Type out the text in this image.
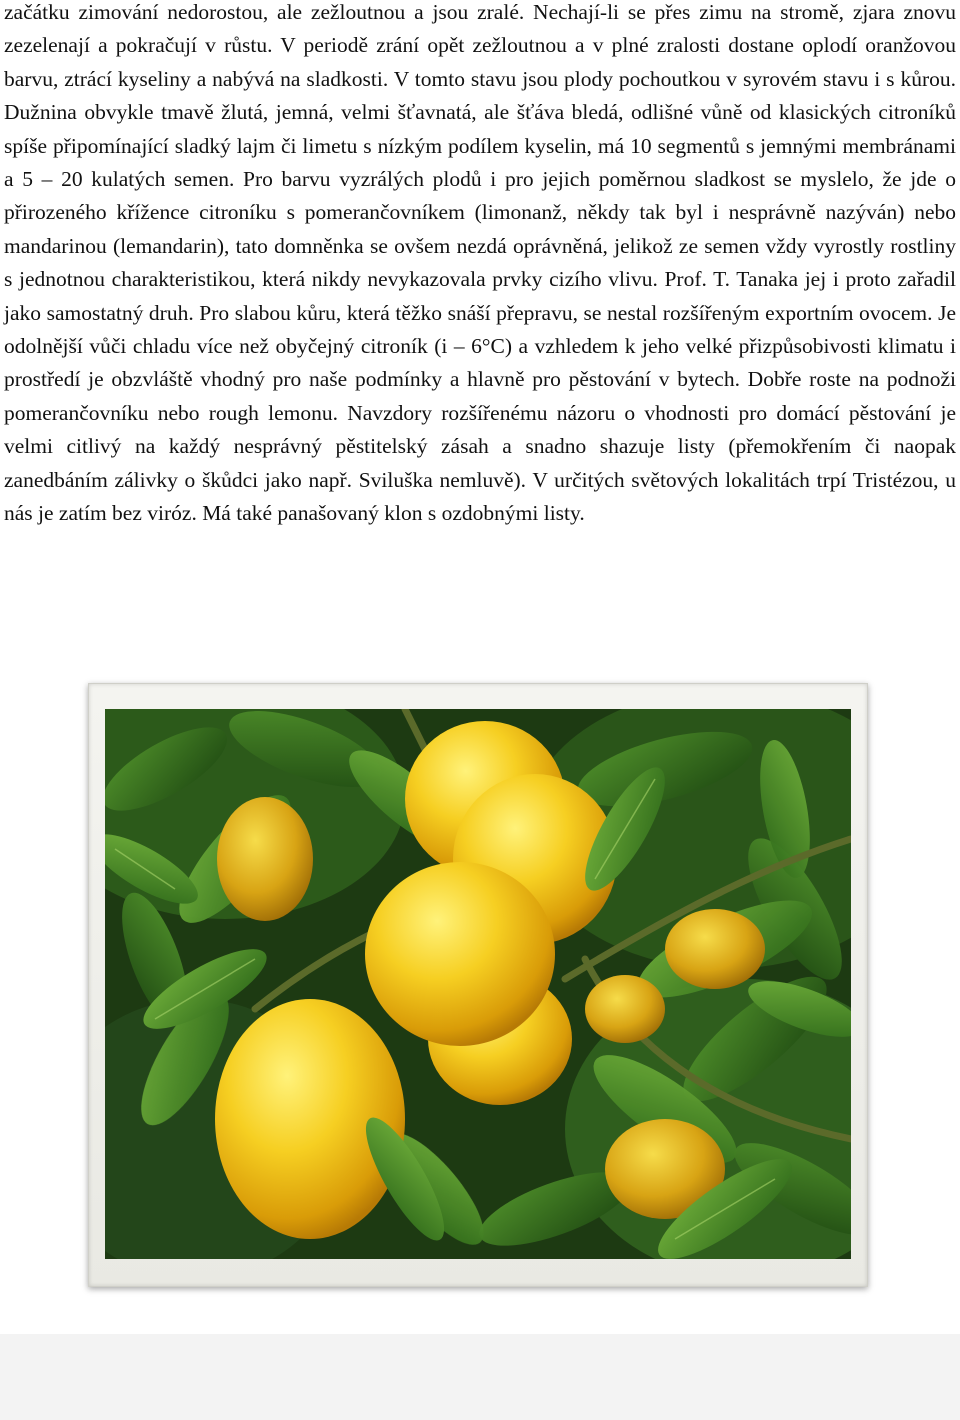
začátku zimování nedorostou, ale zežloutnou a jsou zralé. Nechají-li se přes zimu na stromě, zjara znovu zezelenají a pokračují v růstu. V periodě zrání opět zežloutnou a v plné zralosti dostane oplodí oranžovou barvu, ztrácí kyseliny a nabývá na sladkosti. V tomto stavu jsou plody pochoutkou v syrovém stavu i s kůrou. Dužnina obvykle tmavě žlutá, jemná, velmi šťavnatá, ale šťáva bledá, odlišné vůně od klasických citroníků spíše připomínající sladký lajm či limetu s nízkým podílem kyselin, má 10 segmentů s jemnými membránami a 5 – 20 kulatých semen. Pro barvu vyzrálých plodů i pro jejich poměrnou sladkost se myslelo, že jde o přirozeného křížence citroníku s pomerančovníkem (limonanž, někdy tak byl i nesprávně nazýván) nebo mandarinou (lemandarin), tato domněnka se ovšem nezdá oprávněná, jelikož ze semen vždy vyrostly rostliny s jednotnou charakteristikou, která nikdy nevykazovala prvky cizího vlivu. Prof. T. Tanaka jej i proto zařadil jako samostatný druh. Pro slabou kůru, která těžko snáší přepravu, se nestal rozšířeným exportním ovocem. Je odolnější vůči chladu více než obyčejný citroník (i – 6°C) a vzhledem k jeho velké přizpůsobivosti klimatu i prostředí je obzvláště vhodný pro naše podmínky a hlavně pro pěstování v bytech. Dobře roste na podnoži pomerančovníku nebo rough lemonu. Navzdory rozšířenému názoru o vhodnosti pro domácí pěstování je velmi citlivý na každý nesprávný pěstitelský zásah a snadno shazuje listy (přemokřením či naopak zanedbáním zálivky o škůdci jako např. Sviluška nemluvě). V určitých světových lokalitách trpí Tristézou, u nás je zatím bez viróz. Má také panašovaný klon s ozdobnými listy.
